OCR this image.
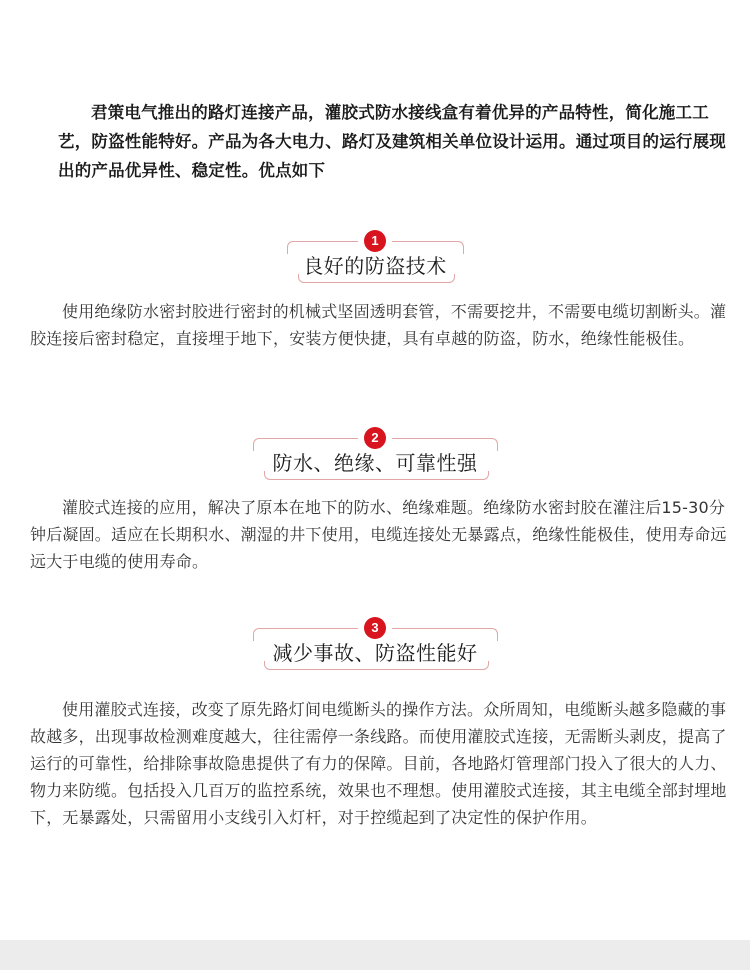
君策电气推出的路灯连接产品，灌胶式防水接线盒有着优异的产品特性，简化施工工艺，防盗性能特好。产品为各大电力、路灯及建筑相关单位设计运用。通过项目的运行展现出的产品优异性、稳定性。优点如下

1
良好的防盗技术

使用绝缘防水密封胶进行密封的机械式坚固透明套管，不需要挖井，不需要电缆切割断头。灌胶连接后密封稳定，直接埋于地下，安装方便快捷，具有卓越的防盗，防水，绝缘性能极佳。

2
防水、绝缘、可靠性强

灌胶式连接的应用，解决了原本在地下的防水、绝缘难题。绝缘防水密封胶在灌注后15-30分钟后凝固。适应在长期积水、潮湿的井下使用，电缆连接处无暴露点，绝缘性能极佳，使用寿命远远大于电缆的使用寿命。

3
减少事故、防盗性能好

使用灌胶式连接，改变了原先路灯间电缆断头的操作方法。众所周知，电缆断头越多隐藏的事故越多，出现事故检测难度越大，往往需停一条线路。而使用灌胶式连接，无需断头剥皮，提高了运行的可靠性，给排除事故隐患提供了有力的保障。目前，各地路灯管理部门投入了很大的人力、物力来防缆。包括投入几百万的监控系统，效果也不理想。使用灌胶式连接，其主电缆全部封埋地下，无暴露处，只需留用小支线引入灯杆，对于控缆起到了决定性的保护作用。
